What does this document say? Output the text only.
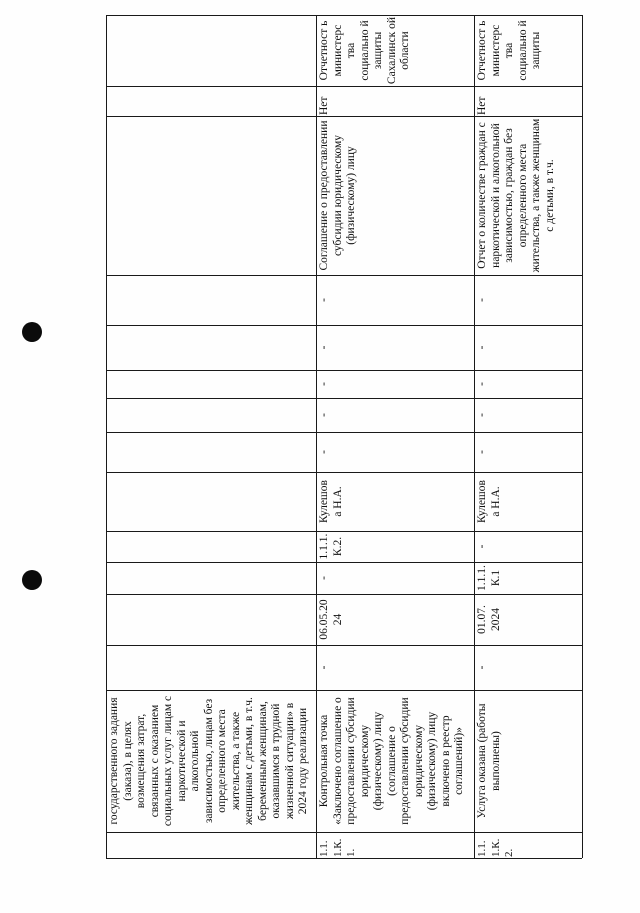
государственного задания (заказа), в целях возмещения затрат, связанных с оказанием социальных услуг лицам с наркотической и алкогольной зависимостью, лицам без определенного места жительства, а также женщинам с детьми, в т.ч. беременным женщинам, оказавшимся в трудной жизненной ситуации» в 2024 году реализации
1.1.
1.К.
1.
Контрольная точка «Заключено соглашение о предоставлении субсидии юридическому (физическому) лицу (соглашение о предоставлении субсидии юридическому (физическому) лицу включено в реестр соглашений)»
-
06.05.20
24
-
1.1.1.
К.2.
Кулешов
а Н.А.
-
-
-
-
-
Соглашение о предоставлении субсидии юридическому (физическому) лицу
Нет
Отчетност ь министерс тва социально й защиты Сахалинск ой области
1.1.
1.К.
2.
Услуга оказана (работы выполнены)
-
01.07.
2024
1.1.1.
К.1
-
Кулешов
а Н.А.
-
-
-
-
-
Отчет о количестве граждан с наркотической и алкогольной зависимостью, граждан без определенного места жительства, а также женщинам с детьми, в т.ч.
Нет
Отчетност ь министерс тва социально й защиты
